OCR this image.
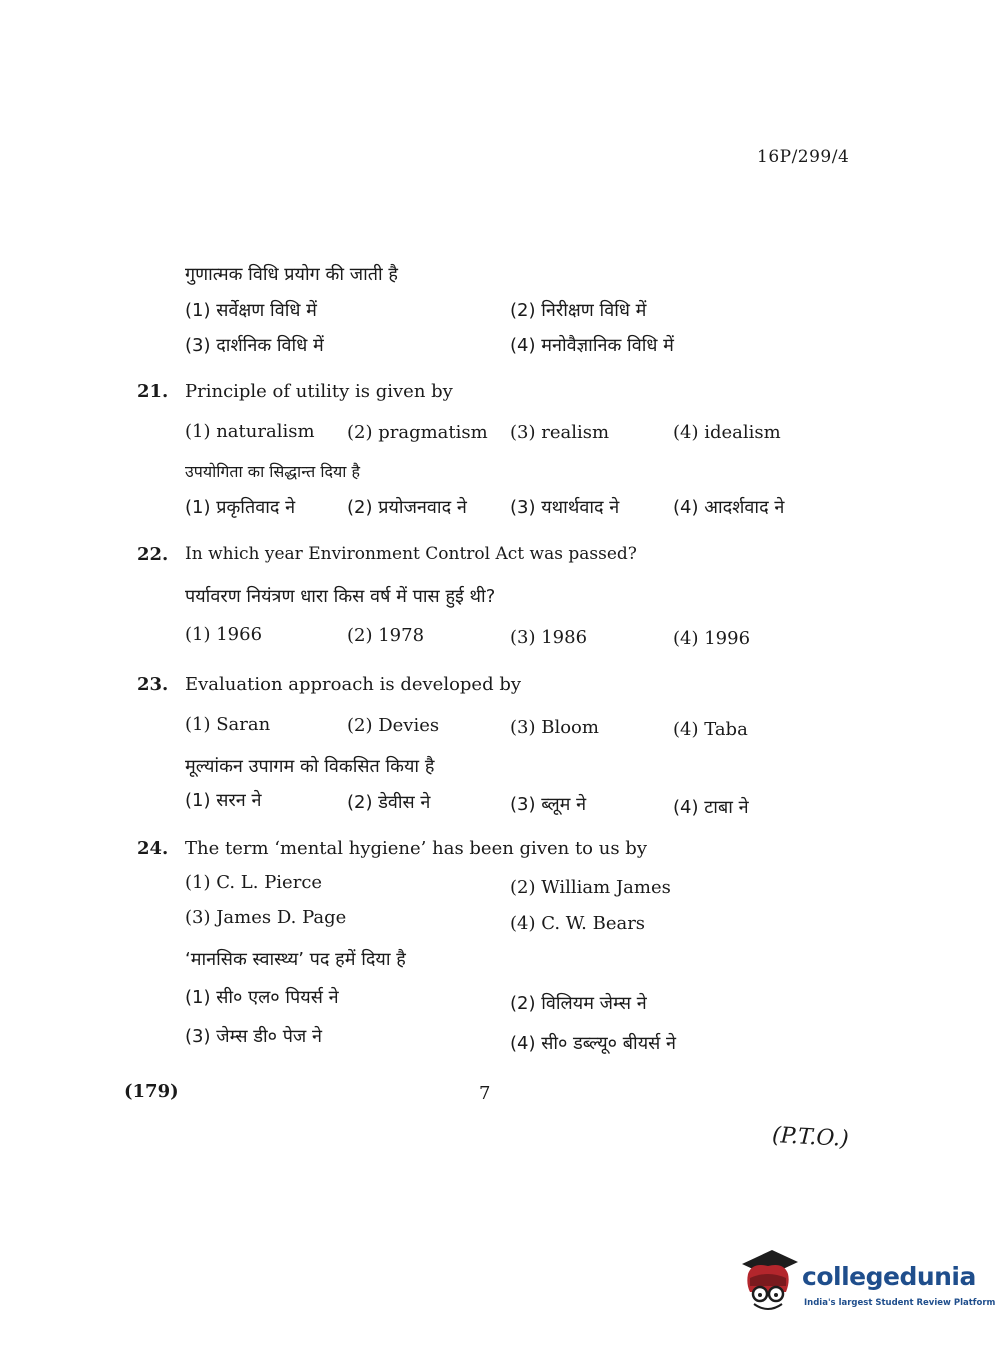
16P/299/4
गुणात्मक विधि प्रयोग की जाती है
(1) सर्वेक्षण विधि में	(2) निरीक्षण विधि में
(3) दार्शनिक विधि में	(4) मनोवैज्ञानिक विधि में
21. Principle of utility is given by
(1) naturalism (2) pragmatism (3) realism	(4) idealism
उपयोगिता का सिद्धान्त दिया है
(1) प्रकृतिवाद ने	(2) प्रयोजनवाद ने (3) यथार्थवाद ने	(4) आदर्शवाद ने
22. In which year Environment Control Act was passed?
पर्यावरण नियंत्रण धारा किस वर्ष में पास हुई थी?
(1) 1966	(2) 1978	(3) 1986	(4) 1996
23. Evaluation approach is developed by
(1) Saran	(2) Devies	(3) Bloom	(4) Taba
मूल्यांकन उपागम को विकसित किया है
(1) सरन ने	(2) डेवीस ने	(3) ब्लूम ने	(4) टाबा ने
24. The term ‘mental hygiene’ has been given to us by
(1) C. L. Pierce	(2) William James
(3) James D. Page	(4) C. W. Bears
‘मानसिक स्वास्थ्य’ पद हमें दिया है
(1) सी० एल० पियर्स ने	(2) विलियम जेम्स ने
(3) जेम्स डी० पेज ने	(4) सी० डब्ल्यू० बीयर्स ने
(179)	7
(P.T.O.)
collegedunia
India's largest Student Review Platform
